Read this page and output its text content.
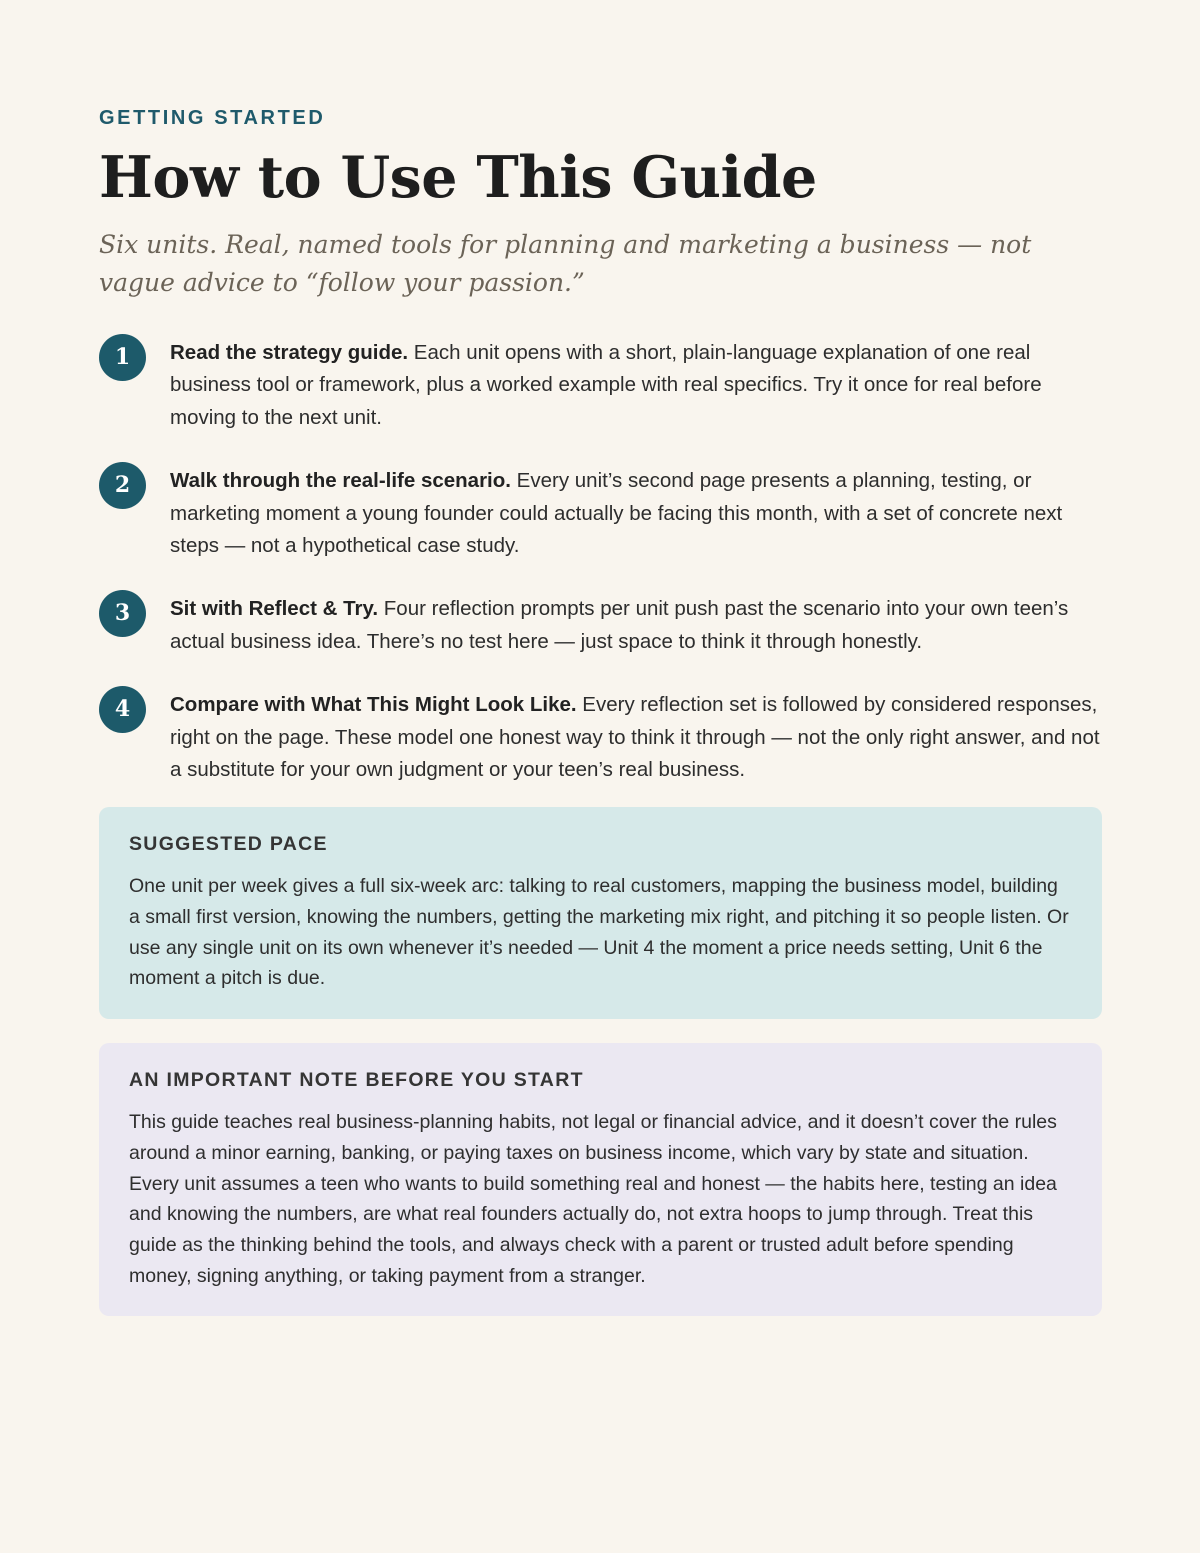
GETTING STARTED

How to Use This Guide

Six units. Real, named tools for planning and marketing a business — not vague advice to “follow your passion.”

1	Read the strategy guide. Each unit opens with a short, plain-language explanation of one real business tool or framework, plus a worked example with real specifics. Try it once for real before moving to the next unit.
2	Walk through the real-life scenario. Every unit’s second page presents a planning, testing, or marketing moment a young founder could actually be facing this month, with a set of concrete next steps — not a hypothetical case study.
3	Sit with Reflect & Try. Four reflection prompts per unit push past the scenario into your own teen’s actual business idea. There’s no test here — just space to think it through honestly.
4	Compare with What This Might Look Like. Every reflection set is followed by considered responses, right on the page. These model one honest way to think it through — not the only right answer, and not a substitute for your own judgment or your teen’s real business.
SUGGESTED PACE

One unit per week gives a full six-week arc: talking to real customers, mapping the business model, building a small first version, knowing the numbers, getting the marketing mix right, and pitching it so people listen. Or use any single unit on its own whenever it’s needed — Unit 4 the moment a price needs setting, Unit 6 the moment a pitch is due.

AN IMPORTANT NOTE BEFORE YOU START

This guide teaches real business-planning habits, not legal or financial advice, and it doesn’t cover the rules around a minor earning, banking, or paying taxes on business income, which vary by state and situation. Every unit assumes a teen who wants to build something real and honest — the habits here, testing an idea and knowing the numbers, are what real founders actually do, not extra hoops to jump through. Treat this guide as the thinking behind the tools, and always check with a parent or trusted adult before spending money, signing anything, or taking payment from a stranger.
